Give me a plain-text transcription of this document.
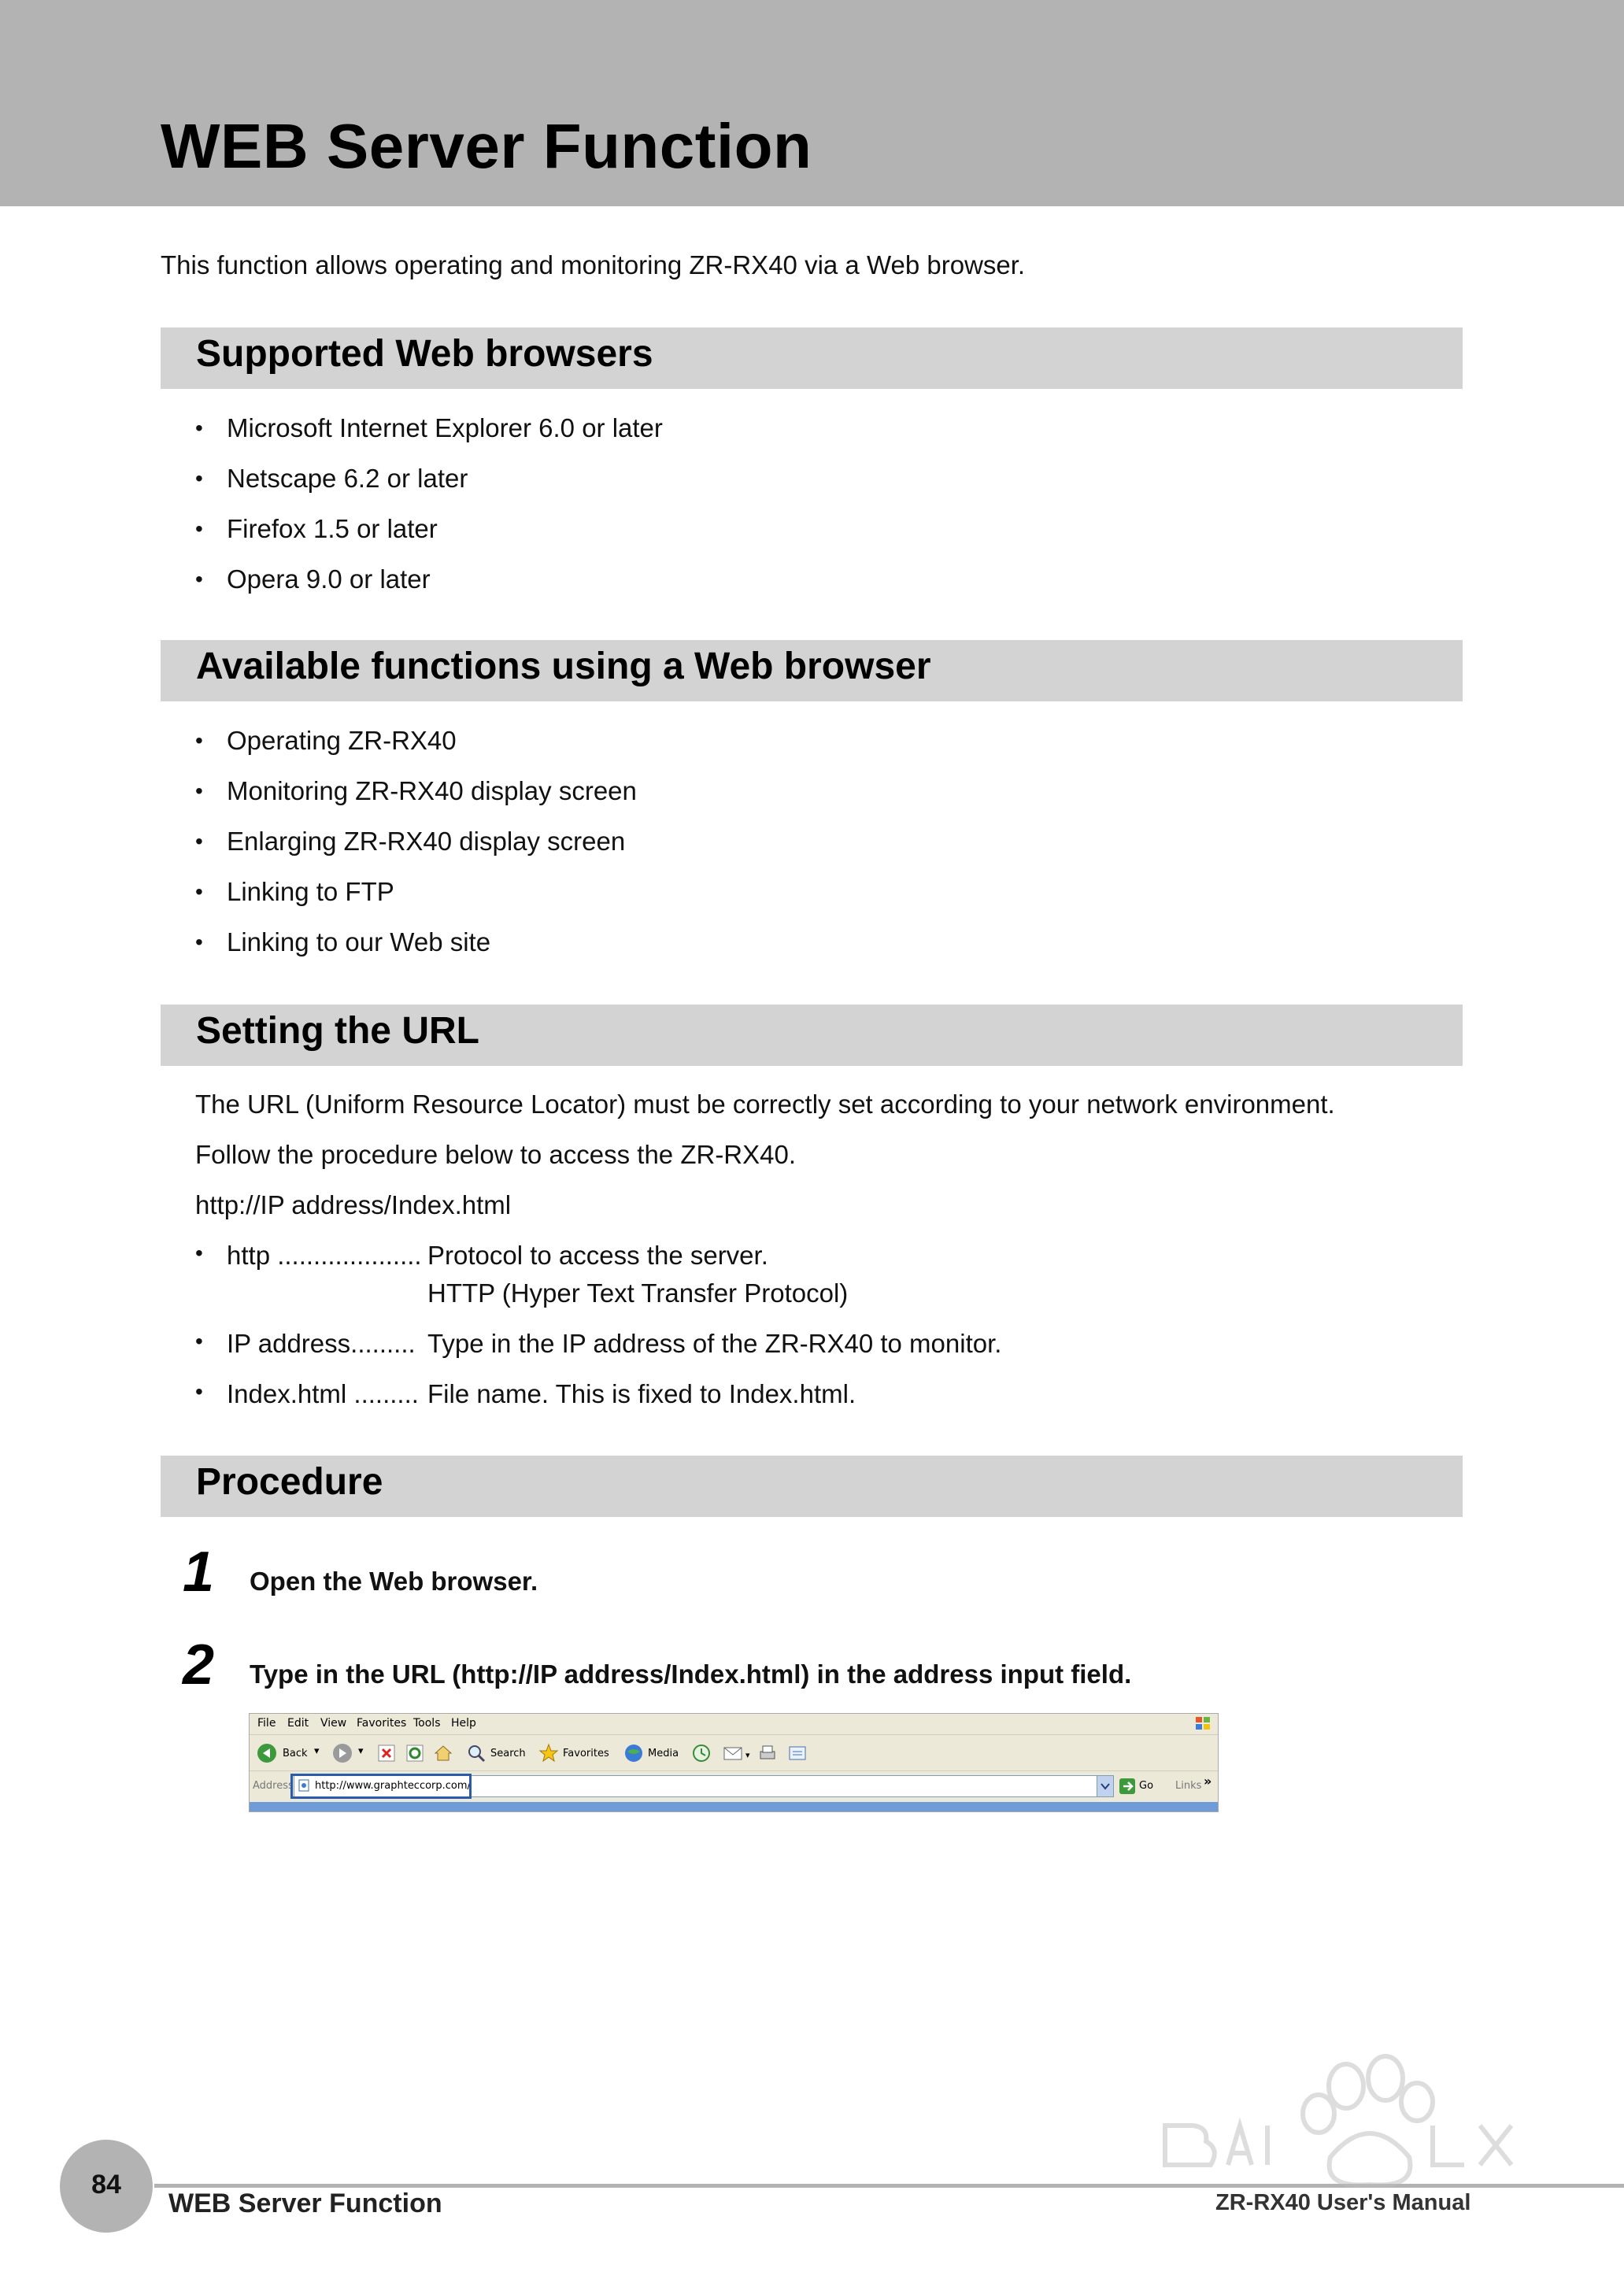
WEB Server Function

This function allows operating and monitoring ZR-RX40 via a Web browser.

Supported Web browsers
• Microsoft Internet Explorer 6.0 or later
• Netscape 6.2 or later
• Firefox 1.5 or later
• Opera 9.0 or later
Available functions using a Web browser
• Operating ZR-RX40
• Monitoring ZR-RX40 display screen
• Enlarging ZR-RX40 display screen
• Linking to FTP
• Linking to our Web site
Setting the URL

The URL (Uniform Resource Locator) must be correctly set according to your network environment.

Follow the procedure below to access the ZR-RX40.

http://IP address/Index.html

• http .................... Protocol to access the server.
HTTP (Hyper Text Transfer Protocol)
• IP address......... Type in the IP address of the ZR-RX40 to monitor.
• Index.html ......... File name. This is fixed to Index.html.
Procedure
1 Open the Web browser.
2 Type in the URL (http://IP address/Index.html) in the address input field.
File Edit View Favorites Tools Help
Back ▾	▾	Search	Favorites	Media	▾
Address http://www.graphteccorp.com/	Go Links »
84
WEB Server Function	ZR-RX40 User's Manual
